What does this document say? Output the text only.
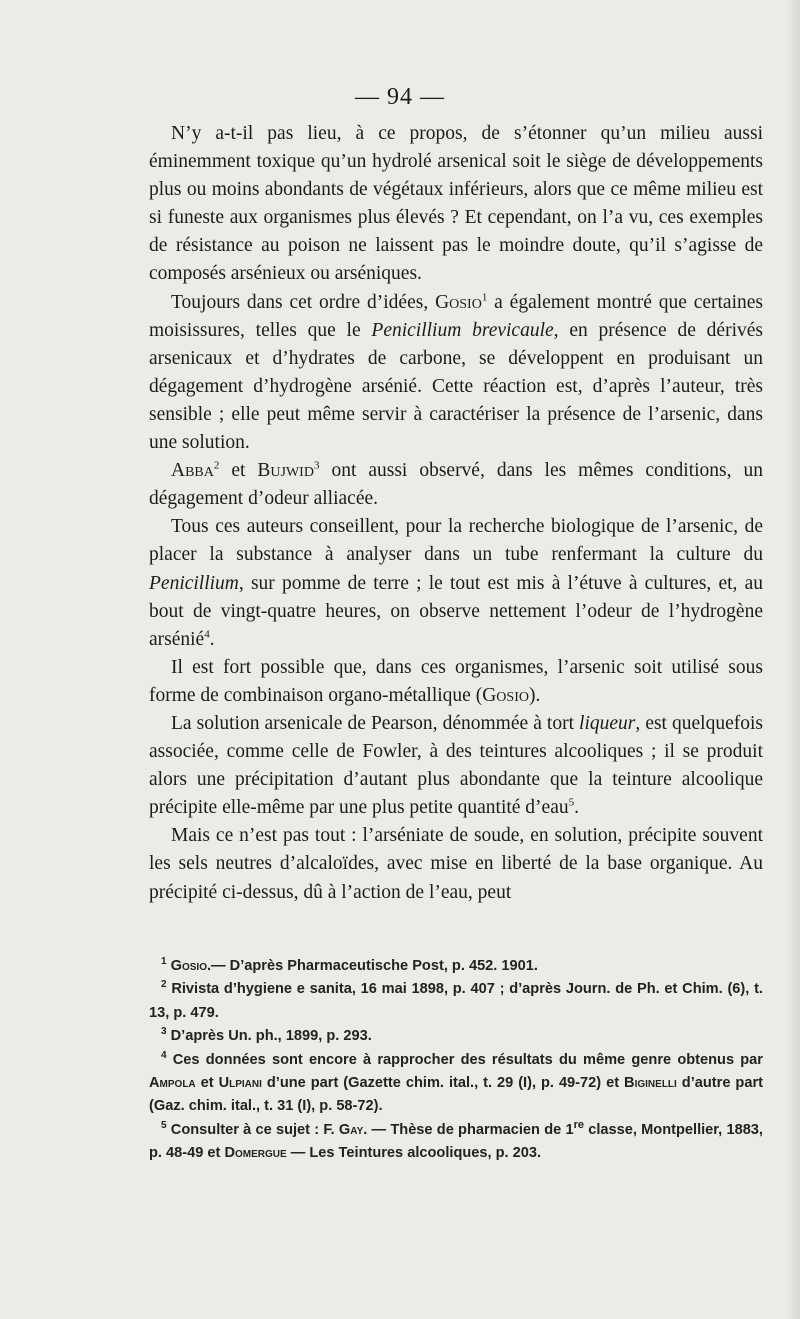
— 94 —

N’y a-t-il pas lieu, à ce propos, de s’étonner qu’un milieu aussi éminemment toxique qu’un hydrolé arsenical soit le siège de développements plus ou moins abondants de végétaux inférieurs, alors que ce même milieu est si funeste aux organismes plus élevés ? Et cependant, on l’a vu, ces exemples de résistance au poison ne laissent pas le moindre doute, qu’il s’agisse de composés arsénieux ou arséniques.

Toujours dans cet ordre d’idées, Gosio$^1$ a également montré que certaines moisissures, telles que le Penicillium brevicaule, en présence de dérivés arsenicaux et d’hydrates de carbone, se développent en produisant un dégagement d’hydrogène arsénié. Cette réaction est, d’après l’auteur, très sensible ; elle peut même servir à caractériser la présence de l’arsenic, dans une solution.

Abba$^2$ et Bujwid$^3$ ont aussi observé, dans les mêmes conditions, un dégagement d’odeur alliacée.

Tous ces auteurs conseillent, pour la recherche biologique de l’arsenic, de placer la substance à analyser dans un tube renfermant la culture du Penicillium, sur pomme de terre ; le tout est mis à l’étuve à cultures, et, au bout de vingt-quatre heures, on observe nettement l’odeur de l’hydrogène arsénié$^4$.

Il est fort possible que, dans ces organismes, l’arsenic soit utilisé sous forme de combinaison organo-métallique (Gosio).

La solution arsenicale de Pearson, dénommée à tort liqueur, est quelquefois associée, comme celle de Fowler, à des teintures alcooliques ; il se produit alors une précipitation d’autant plus abondante que la teinture alcoolique précipite elle-même par une plus petite quantité d’eau$^5$.

Mais ce n’est pas tout : l’arséniate de soude, en solution, précipite souvent les sels neutres d’alcaloïdes, avec mise en liberté de la base organique. Au précipité ci-dessus, dû à l’action de l’eau, peut

$^1$ Gosio.— D’après Pharmaceutische Post, p. 452. 1901.

$^2$ Rivista d’hygiene e sanita, 16 mai 1898, p. 407 ; d’après Journ. de Ph. et Chim. (6), t. 13, p. 479.

$^3$ D’après Un. ph., 1899, p. 293.

$^4$ Ces données sont encore à rapprocher des résultats du même genre obtenus par Ampola et Ulpiani d’une part (Gazette chim. ital., t. 29 (I), p. 49-72) et Biginelli d’autre part (Gaz. chim. ital., t. 31 (I), p. 58-72).

$^5$ Consulter à ce sujet : F. Gay. — Thèse de pharmacien de 1re classe, Montpellier, 1883, p. 48-49 et Domergue — Les Teintures alcooliques, p. 203.
